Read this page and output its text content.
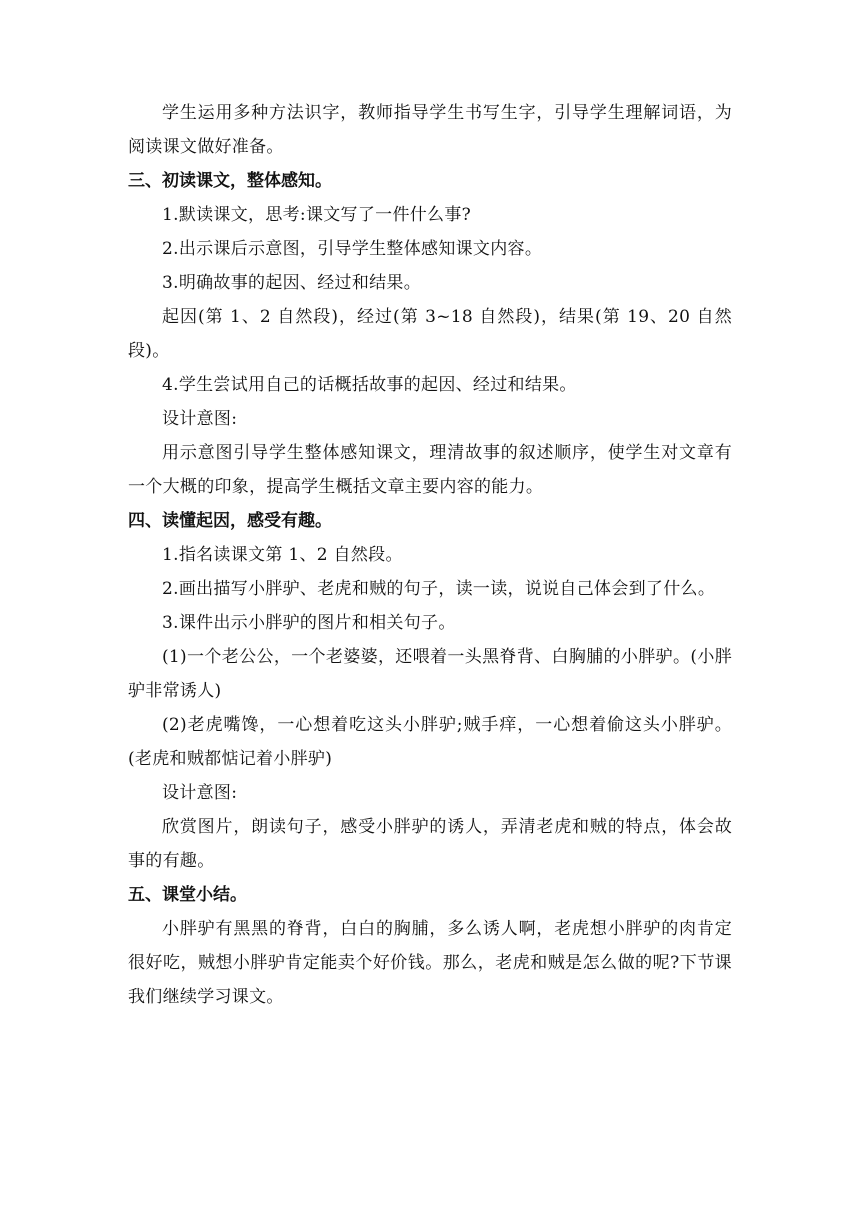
学生运用多种方法识字，教师指导学生书写生字，引导学生理解词语，为阅读课文做好准备。

三、初读课文，整体感知。

1.默读课文，思考:课文写了一件什么事?

2.出示课后示意图，引导学生整体感知课文内容。

3.明确故事的起因、经过和结果。

起因(第 1、2 自然段)，经过(第 3~18 自然段)，结果(第 19、20 自然段)。

4.学生尝试用自己的话概括故事的起因、经过和结果。

设计意图:

用示意图引导学生整体感知课文，理清故事的叙述顺序，使学生对文章有一个大概的印象，提高学生概括文章主要内容的能力。

四、读懂起因，感受有趣。

1.指名读课文第 1、2 自然段。

2.画出描写小胖驴、老虎和贼的句子，读一读，说说自己体会到了什么。

3.课件出示小胖驴的图片和相关句子。

(1)一个老公公，一个老婆婆，还喂着一头黑脊背、白胸脯的小胖驴。(小胖驴非常诱人)

(2)老虎嘴馋，一心想着吃这头小胖驴;贼手痒，一心想着偷这头小胖驴。(老虎和贼都惦记着小胖驴)

设计意图:

欣赏图片，朗读句子，感受小胖驴的诱人，弄清老虎和贼的特点，体会故事的有趣。

五、课堂小结。

小胖驴有黑黑的脊背，白白的胸脯，多么诱人啊，老虎想小胖驴的肉肯定很好吃，贼想小胖驴肯定能卖个好价钱。那么，老虎和贼是怎么做的呢?下节课我们继续学习课文。
